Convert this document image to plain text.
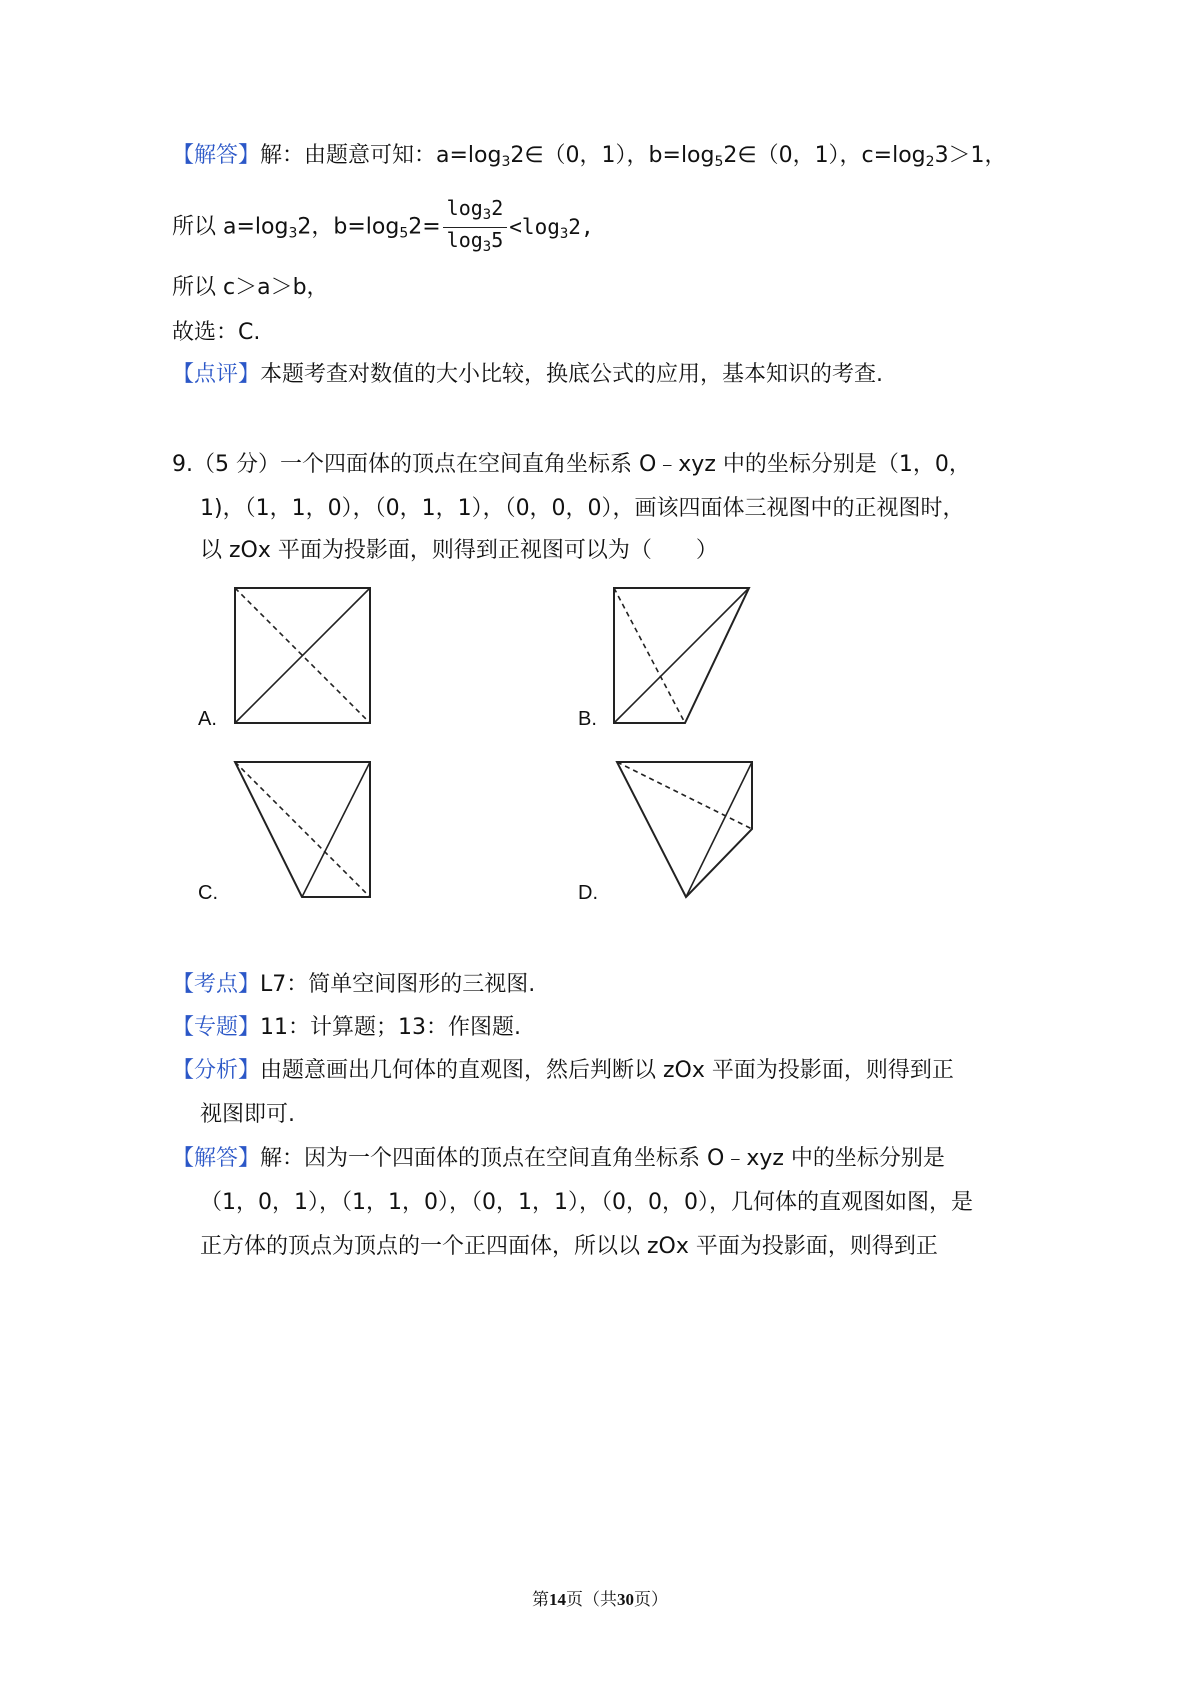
【解答】解：由题意可知：$a=\log_32\in(0$，1），$b=\log_52\in(0$，1），$c=\log_23>1$，
所以 $a=\log_32$，$b=\log_52= \frac{\log_32}{\log_35} <\log_32$,
所以 c＞a＞b，
故选：C.
【点评】本题考查对数值的大小比较，换底公式的应用，基本知识的考查.
9.（5 分）一个四面体的顶点在空间直角坐标系 O﹣xyz 中的坐标分别是（1，0，
1)，（1，1，0），（0，1，1），（0，0，0），画该四面体三视图中的正视图时，
以 zOx 平面为投影面，则得到正视图可以为（　　）
A.	B.
C.	D.
【考点】L7：简单空间图形的三视图.
【专题】11：计算题；13：作图题.
【分析】由题意画出几何体的直观图，然后判断以 zOx 平面为投影面，则得到正
视图即可.
【解答】解：因为一个四面体的顶点在空间直角坐标系 O﹣xyz 中的坐标分别是
（1，0，1），（1，1，0），（0，1，1），（0，0，0），几何体的直观图如图，是
正方体的顶点为顶点的一个正四面体，所以以 zOx 平面为投影面，则得到正
第14页（共30页）
